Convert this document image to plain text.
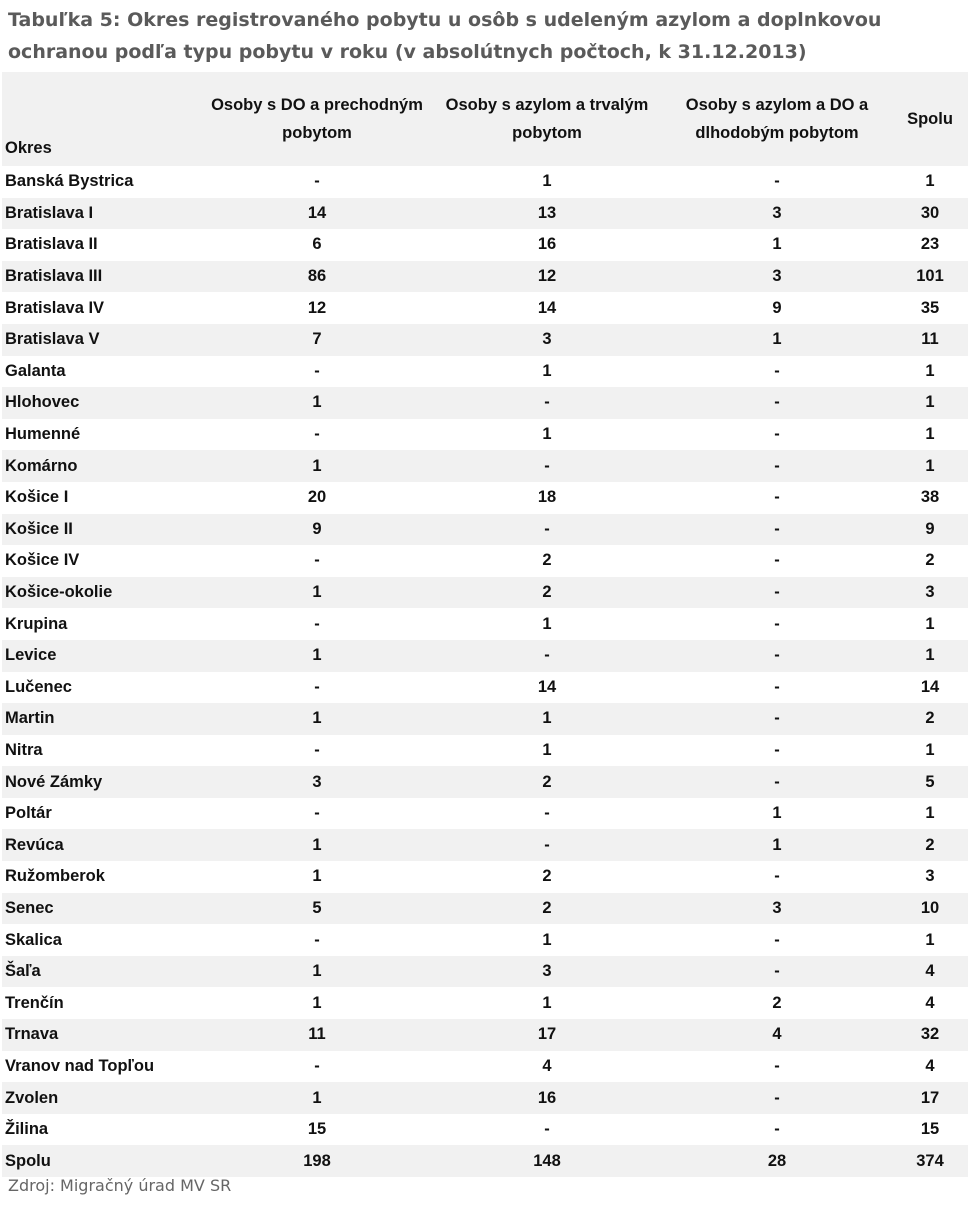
Tabuľka 5: Okres registrovaného pobytu u osôb s udeleným azylom a doplnkovou ochranou podľa typu pobytu v roku (v absolútnych počtoch, k 31.12.2013)

Okres	Osoby s DO a prechodným pobytom	Osoby s azylom a trvalým pobytom	Osoby s azylom a DO a dlhodobým pobytom	Spolu
Banská Bystrica	-	1	-	1
Bratislava I	14	13	3	30
Bratislava II	6	16	1	23
Bratislava III	86	12	3	101
Bratislava IV	12	14	9	35
Bratislava V	7	3	1	11
Galanta	-	1	-	1
Hlohovec	1	-	-	1
Humenné	-	1	-	1
Komárno	1	-	-	1
Košice I	20	18	-	38
Košice II	9	-	-	9
Košice IV	-	2	-	2
Košice-okolie	1	2	-	3
Krupina	-	1	-	1
Levice	1	-	-	1
Lučenec	-	14	-	14
Martin	1	1	-	2
Nitra	-	1	-	1
Nové Zámky	3	2	-	5
Poltár	-	-	1	1
Revúca	1	-	1	2
Ružomberok	1	2	-	3
Senec	5	2	3	10
Skalica	-	1	-	1
Šaľa	1	3	-	4
Trenčín	1	1	2	4
Trnava	11	17	4	32
Vranov nad Topľou	-	4	-	4
Zvolen	1	16	-	17
Žilina	15	-	-	15
Spolu	198	148	28	374

Zdroj: Migračný úrad MV SR
